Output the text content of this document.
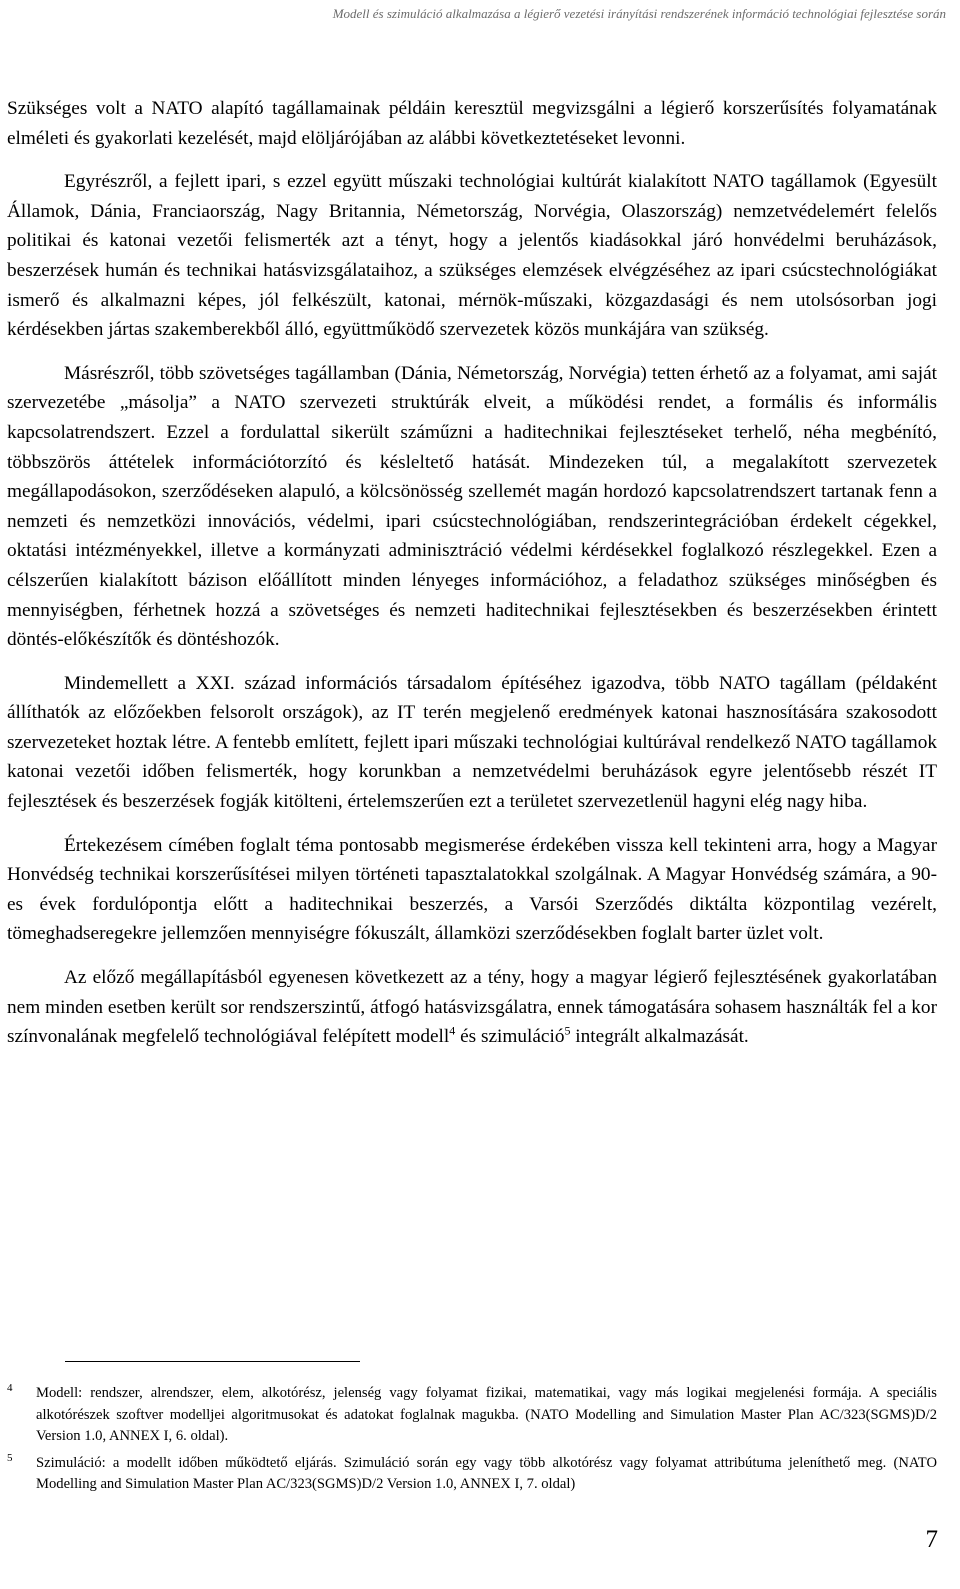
Modell és szimuláció alkalmazása a légierő vezetési irányítási rendszerének információ technológiai fejlesztése során

Szükséges volt a NATO alapító tagállamainak példáin keresztül megvizsgálni a légierő korszerűsítés folyamatának elméleti és gyakorlati kezelését, majd elöljárójában az alábbi következtetéseket levonni.

Egyrészről, a fejlett ipari, s ezzel együtt műszaki technológiai kultúrát kialakított NATO tagállamok (Egyesült Államok, Dánia, Franciaország, Nagy Britannia, Németország, Norvégia, Olaszország) nemzetvédelemért felelős politikai és katonai vezetői felismerték azt a tényt, hogy a jelentős kiadásokkal járó honvédelmi beruházások, beszerzések humán és technikai hatásvizsgálataihoz, a szükséges elemzések elvégzéséhez az ipari csúcstechnológiákat ismerő és alkalmazni képes, jól felkészült, katonai, mérnök-műszaki, közgazdasági és nem utolsósorban jogi kérdésekben jártas szakemberekből álló, együttműködő szervezetek közös munkájára van szükség.

Másrészről, több szövetséges tagállamban (Dánia, Németország, Norvégia) tetten érhető az a folyamat, ami saját szervezetébe „másolja” a NATO szervezeti struktúrák elveit, a működési rendet, a formális és informális kapcsolatrendszert. Ezzel a fordulattal sikerült száműzni a haditechnikai fejlesztéseket terhelő, néha megbénító, többszörös áttételek információtorzító és késleltető hatását. Mindezeken túl, a megalakított szervezetek megállapodásokon, szerződéseken alapuló, a kölcsönösség szellemét magán hordozó kapcsolatrendszert tartanak fenn a nemzeti és nemzetközi innovációs, védelmi, ipari csúcstechnológiában, rendszerintegrációban érdekelt cégekkel, oktatási intézményekkel, illetve a kormányzati adminisztráció védelmi kérdésekkel foglalkozó részlegekkel. Ezen a célszerűen kialakított bázison előállított minden lényeges információhoz, a feladathoz szükséges minőségben és mennyiségben, férhetnek hozzá a szövetséges és nemzeti haditechnikai fejlesztésekben és beszerzésekben érintett döntés-előkészítők és döntéshozók.

Mindemellett a XXI. század információs társadalom építéséhez igazodva, több NATO tagállam (példaként állíthatók az előzőekben felsorolt országok), az IT terén megjelenő eredmények katonai hasznosítására szakosodott szervezeteket hoztak létre. A fentebb említett, fejlett ipari műszaki technológiai kultúrával rendelkező NATO tagállamok katonai vezetői időben felismerték, hogy korunkban a nemzetvédelmi beruházások egyre jelentősebb részét IT fejlesztések és beszerzések fogják kitölteni, értelemszerűen ezt a területet szervezetlenül hagyni elég nagy hiba.

Értekezésem címében foglalt téma pontosabb megismerése érdekében vissza kell tekinteni arra, hogy a Magyar Honvédség technikai korszerűsítései milyen történeti tapasztalatokkal szolgálnak. A Magyar Honvédség számára, a 90-es évek fordulópontja előtt a haditechnikai beszerzés, a Varsói Szerződés diktálta központilag vezérelt, tömeghadseregekre jellemzően mennyiségre fókuszált, államközi szerződésekben foglalt barter üzlet volt.

Az előző megállapításból egyenesen következett az a tény, hogy a magyar légierő fejlesztésének gyakorlatában nem minden esetben került sor rendszerszintű, átfogó hatásvizsgálatra, ennek támogatására sohasem használták fel a kor színvonalának megfelelő technológiával felépített modell$^4$ és szimuláció$^5$ integrált alkalmazását.

4 Modell: rendszer, alrendszer, elem, alkotórész, jelenség vagy folyamat fizikai, matematikai, vagy más logikai megjelenési formája. A speciális alkotórészek szoftver modelljei algoritmusokat és adatokat foglalnak magukba. (NATO Modelling and Simulation Master Plan AC/323(SGMS)D/2 Version 1.0, ANNEX I, 6. oldal).
5 Szimuláció: a modellt időben működtető eljárás. Szimuláció során egy vagy több alkotórész vagy folyamat attribútuma jeleníthető meg. (NATO Modelling and Simulation Master Plan AC/323(SGMS)D/2 Version 1.0, ANNEX I, 7. oldal)
7
